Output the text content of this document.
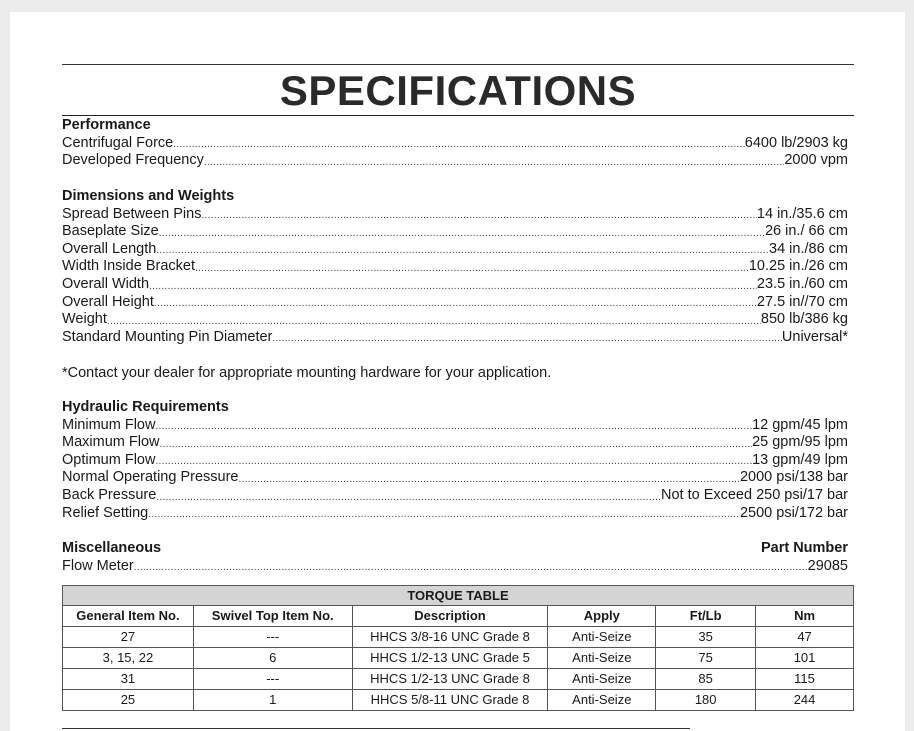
SPECIFICATIONS
Performance
Centrifugal Force .....	6400 lb/2903 kg
Developed Frequency .....	2000 vpm
Dimensions and Weights
Spread Between Pins .....	14 in./35.6 cm
Baseplate Size .....	26 in./ 66 cm
Overall Length .....	34 in./86 cm
Width Inside Bracket .....	10.25 in./26 cm
Overall Width .....	23.5 in./60 cm
Overall Height .....	27.5 in//70 cm
Weight .....	850 lb/386 kg
Standard Mounting Pin Diameter .....	Universal*
*Contact your dealer for appropriate mounting hardware for your application.
Hydraulic Requirements
Minimum Flow .....	12 gpm/45 lpm
Maximum Flow .....	25 gpm/95 lpm
Optimum Flow .....	13 gpm/49 lpm
Normal Operating Pressure .....	2000 psi/138 bar
Back Pressure .....	Not to Exceed 250 psi/17 bar
Relief Setting .....	2500 psi/172 bar
Miscellaneous	Part Number
Flow Meter .....	29085
TORQUE TABLE					
General Item No.	Swivel Top Item No.	Description	Apply	Ft/Lb	Nm
27	---	HHCS 3/8-16 UNC Grade 8	Anti-Seize	35	47
3, 15, 22	6	HHCS 1/2-13 UNC Grade 5	Anti-Seize	75	101
31	---	HHCS 1/2-13 UNC Grade 8	Anti-Seize	85	115
25	1	HHCS 5/8-11 UNC Grade 8	Anti-Seize	180	244
